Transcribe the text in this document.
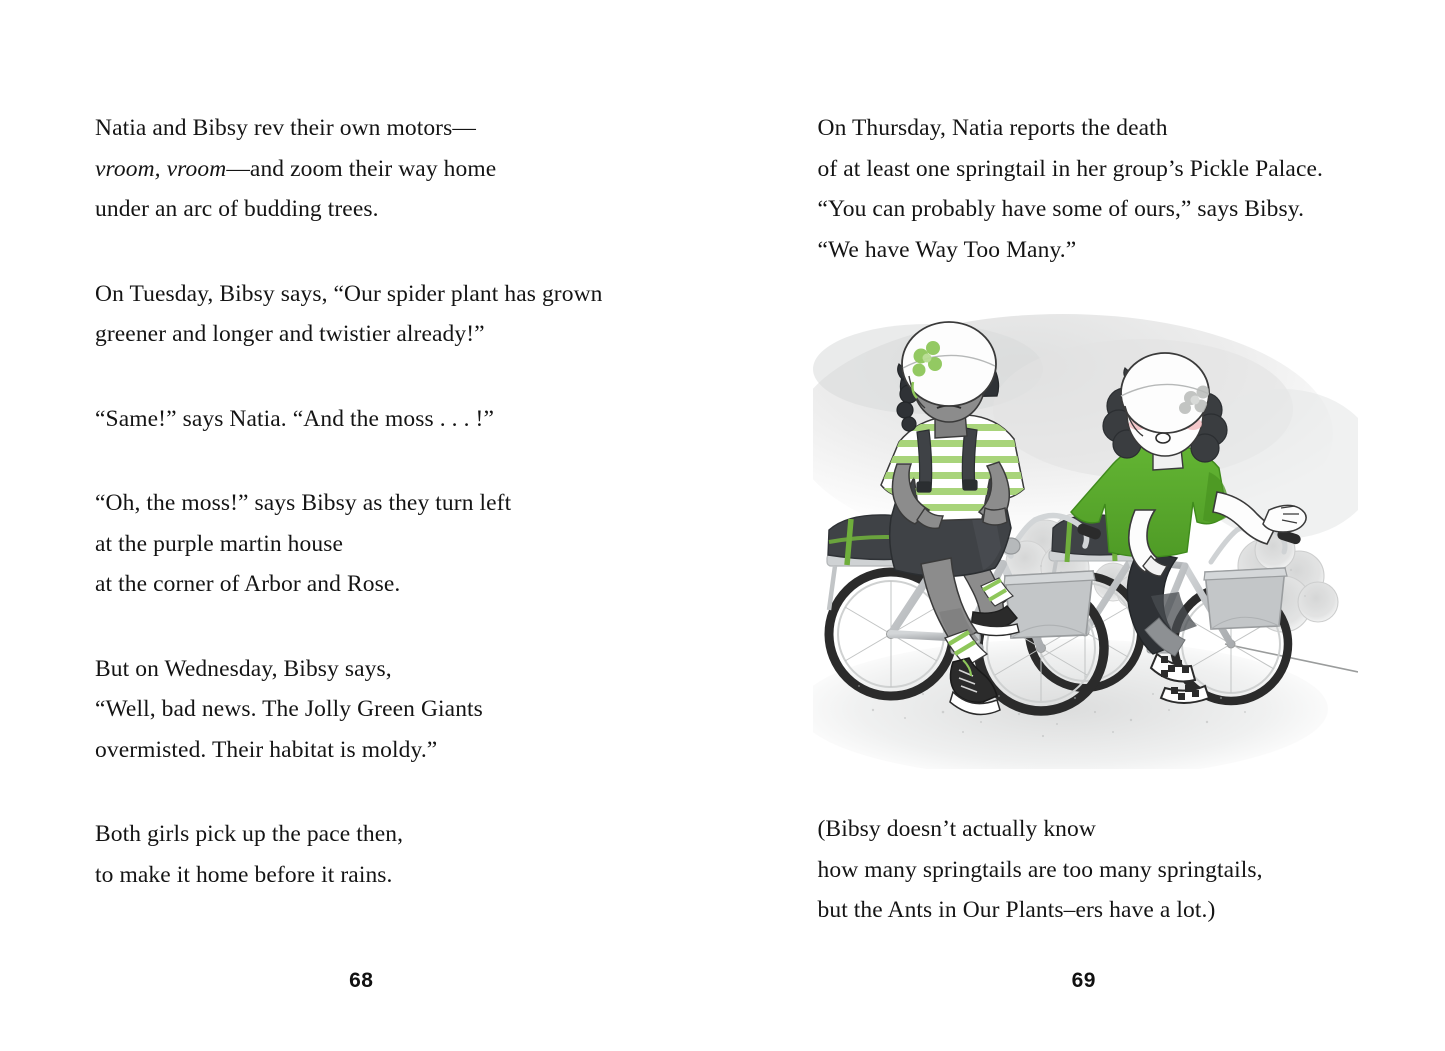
Natia and Bibsy rev their own motors—
vroom, vroom—and zoom their way home
under an arc of budding trees.

On Tuesday, Bibsy says, “Our spider plant has grown
greener and longer and twistier already!”

“Same!” says Natia. “And the moss . . . !”

“Oh, the moss!” says Bibsy as they turn left
at the purple martin house
at the corner of Arbor and Rose.

But on Wednesday, Bibsy says,
“Well, bad news. The Jolly Green Giants
overmisted. Their habitat is moldy.”

Both girls pick up the pace then,
to make it home before it rains.

68

On Thursday, Natia reports the death
of at least one springtail in her group’s Pickle Palace.
“You can probably have some of ours,” says Bibsy.
“We have Way Too Many.”

(Bibsy doesn’t actually know
how many springtails are too many springtails,
but the Ants in Our Plants–ers have a lot.)

69
